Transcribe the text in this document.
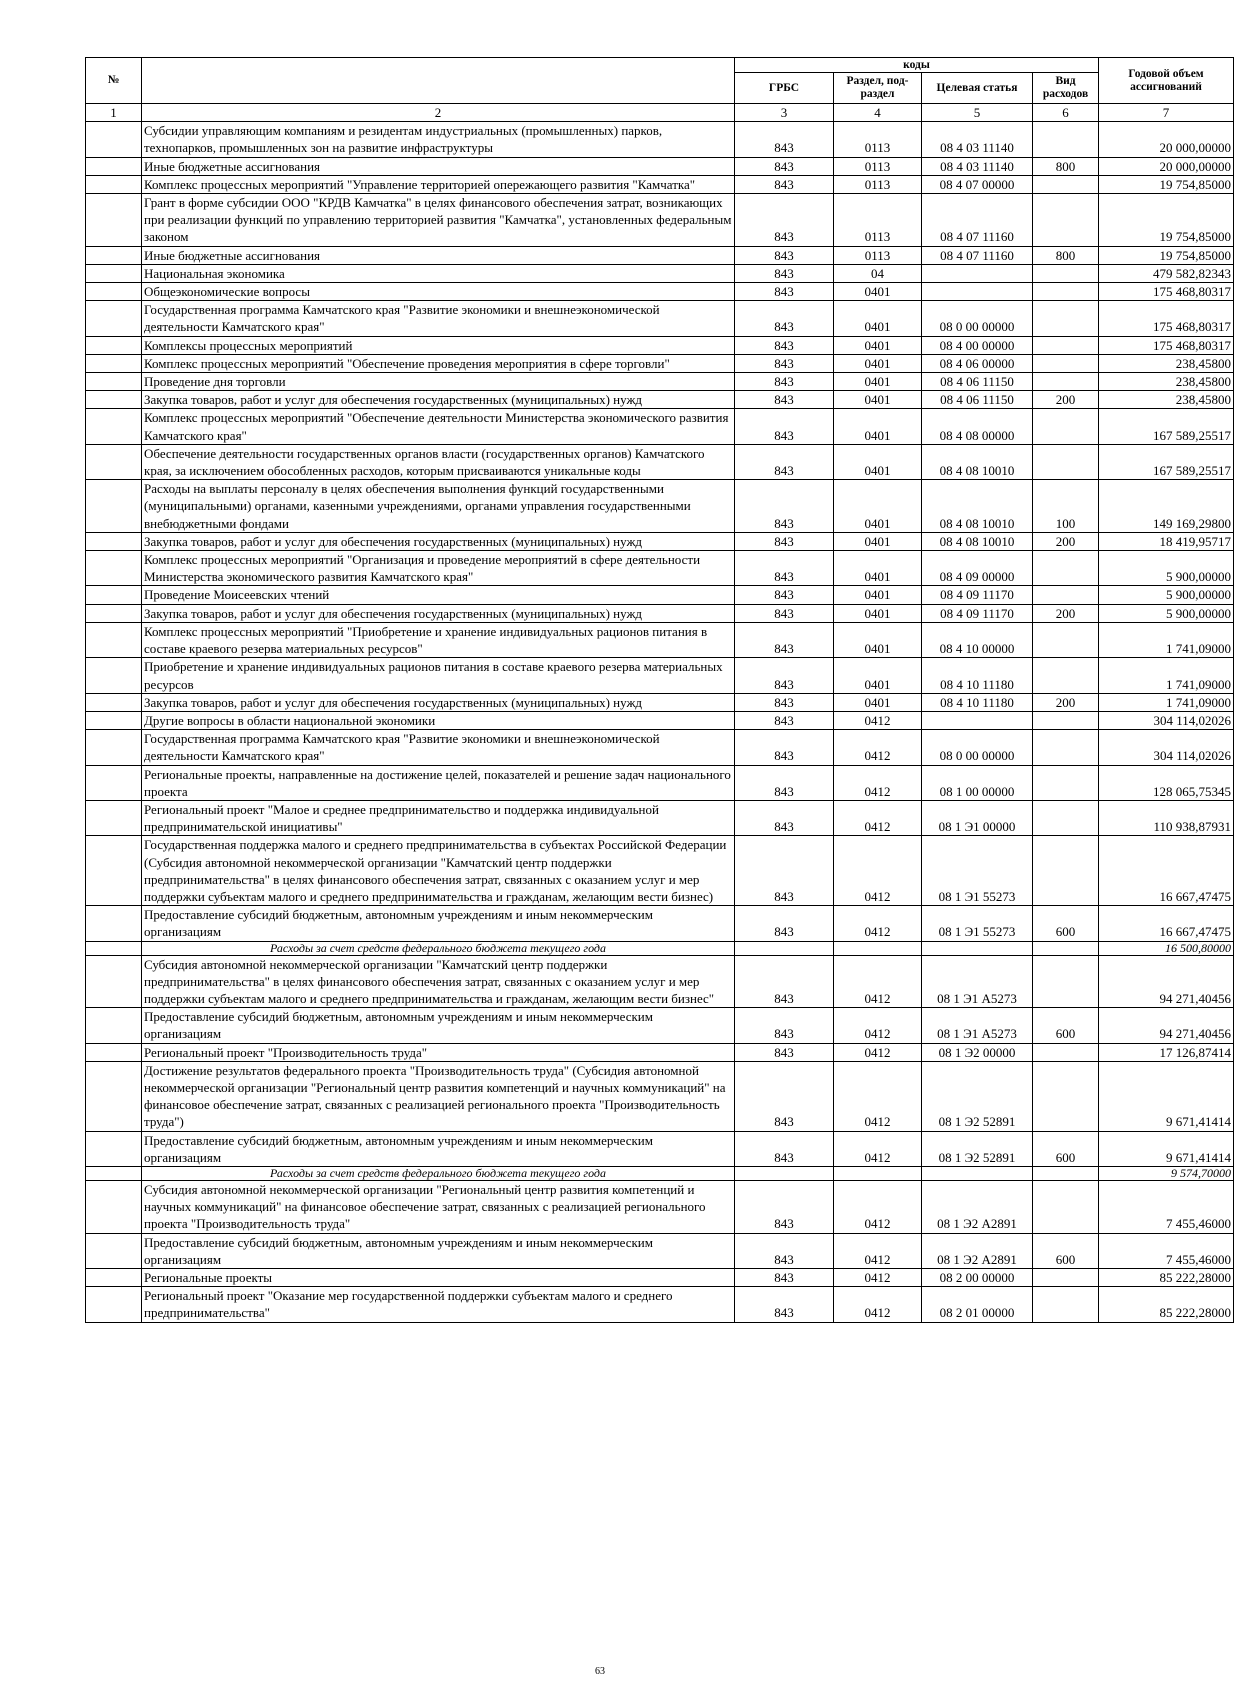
№		коды				Годовой объем ассигнований
		ГРБС	Раздел, под-раздел	Целевая статья	Вид расходов	
1	2	3	4	5	6	7
	Субсидии управляющим компаниям и резидентам индустриальных (промышленных) парков, технопарков, промышленных зон на развитие инфраструктуры	843	0113	08 4 03 11140		20 000,00000
	Иные бюджетные ассигнования	843	0113	08 4 03 11140	800	20 000,00000
	Комплекс процессных мероприятий "Управление территорией опережающего развития "Камчатка"	843	0113	08 4 07 00000		19 754,85000
	Грант в форме субсидии ООО "КРДВ Камчатка" в целях финансового обеспечения затрат, возникающих при реализации функций по управлению территорией развития "Камчатка", установленных федеральным законом	843	0113	08 4 07 11160		19 754,85000
	Иные бюджетные ассигнования	843	0113	08 4 07 11160	800	19 754,85000
	Национальная экономика	843	04			479 582,82343
	Общеэкономические вопросы	843	0401			175 468,80317
	Государственная программа Камчатского края "Развитие экономики и внешнеэкономической деятельности Камчатского края"	843	0401	08 0 00 00000		175 468,80317
	Комплексы процессных мероприятий	843	0401	08 4 00 00000		175 468,80317
	Комплекс процессных мероприятий "Обеспечение проведения мероприятия в сфере торговли"	843	0401	08 4 06 00000		238,45800
	Проведение дня торговли	843	0401	08 4 06 11150		238,45800
	Закупка товаров, работ и услуг для обеспечения государственных (муниципальных) нужд	843	0401	08 4 06 11150	200	238,45800
	Комплекс процессных мероприятий "Обеспечение деятельности Министерства экономического развития Камчатского края"	843	0401	08 4 08 00000		167 589,25517
	Обеспечение деятельности государственных органов власти (государственных органов) Камчатского края, за исключением обособленных расходов, которым присваиваются уникальные коды	843	0401	08 4 08 10010		167 589,25517
	Расходы на выплаты персоналу в целях обеспечения выполнения функций государственными (муниципальными) органами, казенными учреждениями, органами управления государственными внебюджетными фондами	843	0401	08 4 08 10010	100	149 169,29800
	Закупка товаров, работ и услуг для обеспечения государственных (муниципальных) нужд	843	0401	08 4 08 10010	200	18 419,95717
	Комплекс процессных мероприятий "Организация и проведение мероприятий в сфере деятельности Министерства экономического развития Камчатского края"	843	0401	08 4 09 00000		5 900,00000
	Проведение Моисеевских чтений	843	0401	08 4 09 11170		5 900,00000
	Закупка товаров, работ и услуг для обеспечения государственных (муниципальных) нужд	843	0401	08 4 09 11170	200	5 900,00000
	Комплекс процессных мероприятий "Приобретение и хранение индивидуальных рационов питания в составе краевого резерва материальных ресурсов"	843	0401	08 4 10 00000		1 741,09000
	Приобретение и хранение индивидуальных рационов питания в составе краевого резерва материальных ресурсов	843	0401	08 4 10 11180		1 741,09000
	Закупка товаров, работ и услуг для обеспечения государственных (муниципальных) нужд	843	0401	08 4 10 11180	200	1 741,09000
	Другие вопросы в области национальной экономики	843	0412			304 114,02026
	Государственная программа Камчатского края "Развитие экономики и внешнеэкономической деятельности Камчатского края"	843	0412	08 0 00 00000		304 114,02026
	Региональные проекты, направленные на достижение целей, показателей и решение задач национального проекта	843	0412	08 1 00 00000		128 065,75345
	Региональный проект "Малое и среднее предпринимательство и поддержка индивидуальной предпринимательской инициативы"	843	0412	08 1 Э1 00000		110 938,87931
	Государственная поддержка малого и среднего предпринимательства в субъектах Российской Федерации (Субсидия автономной некоммерческой организации "Камчатский центр поддержки предпринимательства" в целях финансового обеспечения затрат, связанных с оказанием услуг и мер поддержки субъектам малого и среднего предпринимательства и гражданам, желающим вести бизнес)	843	0412	08 1 Э1 55273		16 667,47475
	Предоставление субсидий бюджетным, автономным учреждениям и иным некоммерческим организациям	843	0412	08 1 Э1 55273	600	16 667,47475
	Расходы за счет средств федерального бюджета текущего года					16 500,80000
	Субсидия автономной некоммерческой организации "Камчатский центр поддержки предпринимательства" в целях финансового обеспечения затрат, связанных с оказанием услуг и мер поддержки субъектам малого и среднего предпринимательства и гражданам, желающим вести бизнес"	843	0412	08 1 Э1 А5273		94 271,40456
	Предоставление субсидий бюджетным, автономным учреждениям и иным некоммерческим организациям	843	0412	08 1 Э1 А5273	600	94 271,40456
	Региональный проект "Производительность труда"	843	0412	08 1 Э2 00000		17 126,87414
	Достижение результатов федерального проекта "Производительность труда" (Субсидия автономной некоммерческой организации "Региональный центр развития компетенций и научных коммуникаций" на финансовое обеспечение затрат, связанных с реализацией регионального проекта "Производительность труда")	843	0412	08 1 Э2 52891		9 671,41414
	Предоставление субсидий бюджетным, автономным учреждениям и иным некоммерческим организациям	843	0412	08 1 Э2 52891	600	9 671,41414
	Расходы за счет средств федерального бюджета текущего года					9 574,70000
	Субсидия автономной некоммерческой организации "Региональный центр развития компетенций и научных коммуникаций" на финансовое обеспечение затрат, связанных с реализацией регионального проекта "Производительность труда"	843	0412	08 1 Э2 А2891		7 455,46000
	Предоставление субсидий бюджетным, автономным учреждениям и иным некоммерческим организациям	843	0412	08 1 Э2 А2891	600	7 455,46000
	Региональные проекты	843	0412	08 2 00 00000		85 222,28000
	Региональный проект "Оказание мер государственной поддержки субъектам малого и среднего предпринимательства"	843	0412	08 2 01 00000		85 222,28000
63
